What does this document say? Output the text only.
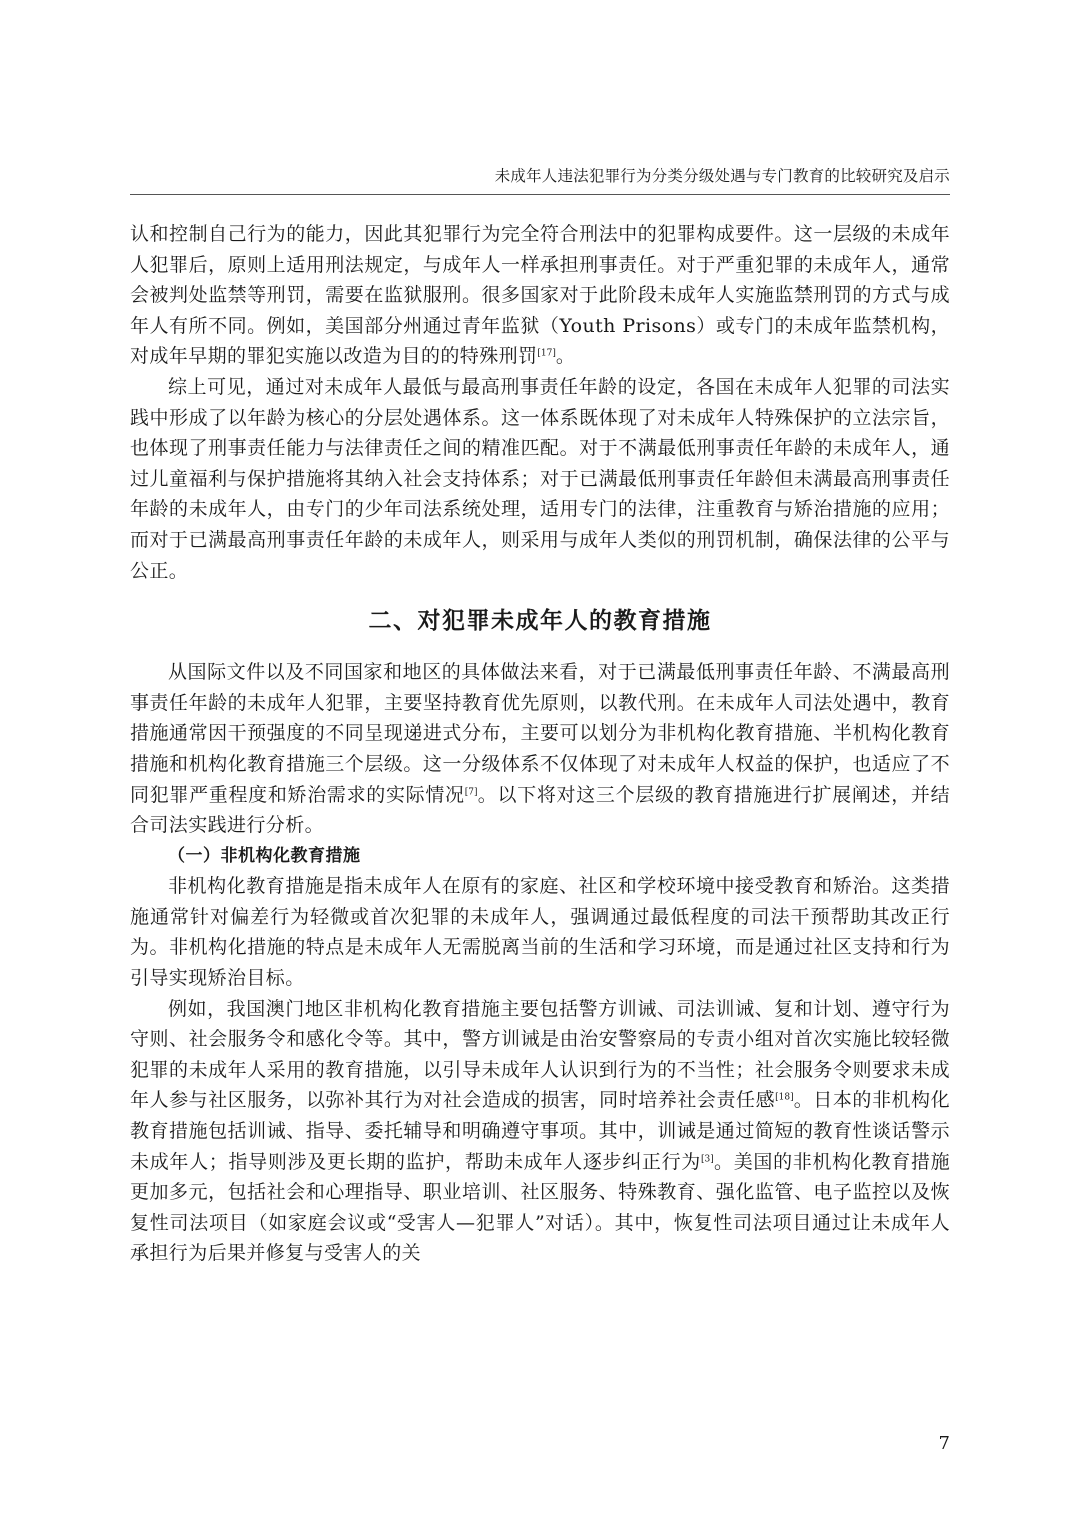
未成年人违法犯罪行为分类分级处遇与专门教育的比较研究及启示

认和控制自己行为的能力，因此其犯罪行为完全符合刑法中的犯罪构成要件。这一层级的未成年人犯罪后，原则上适用刑法规定，与成年人一样承担刑事责任。对于严重犯罪的未成年人，通常会被判处监禁等刑罚，需要在监狱服刑。很多国家对于此阶段未成年人实施监禁刑罚的方式与成年人有所不同。例如，美国部分州通过青年监狱（Youth Prisons）或专门的未成年监禁机构，对成年早期的罪犯实施以改造为目的的特殊刑罚[17]。

综上可见，通过对未成年人最低与最高刑事责任年龄的设定，各国在未成年人犯罪的司法实践中形成了以年龄为核心的分层处遇体系。这一体系既体现了对未成年人特殊保护的立法宗旨，也体现了刑事责任能力与法律责任之间的精准匹配。对于不满最低刑事责任年龄的未成年人，通过儿童福利与保护措施将其纳入社会支持体系；对于已满最低刑事责任年龄但未满最高刑事责任年龄的未成年人，由专门的少年司法系统处理，适用专门的法律，注重教育与矫治措施的应用；而对于已满最高刑事责任年龄的未成年人，则采用与成年人类似的刑罚机制，确保法律的公平与公正。

二、对犯罪未成年人的教育措施

从国际文件以及不同国家和地区的具体做法来看，对于已满最低刑事责任年龄、不满最高刑事责任年龄的未成年人犯罪，主要坚持教育优先原则，以教代刑。在未成年人司法处遇中，教育措施通常因干预强度的不同呈现递进式分布，主要可以划分为非机构化教育措施、半机构化教育措施和机构化教育措施三个层级。这一分级体系不仅体现了对未成年人权益的保护，也适应了不同犯罪严重程度和矫治需求的实际情况[7]。以下将对这三个层级的教育措施进行扩展阐述，并结合司法实践进行分析。

（一）非机构化教育措施

非机构化教育措施是指未成年人在原有的家庭、社区和学校环境中接受教育和矫治。这类措施通常针对偏差行为轻微或首次犯罪的未成年人，强调通过最低程度的司法干预帮助其改正行为。非机构化措施的特点是未成年人无需脱离当前的生活和学习环境，而是通过社区支持和行为引导实现矫治目标。

例如，我国澳门地区非机构化教育措施主要包括警方训诫、司法训诫、复和计划、遵守行为守则、社会服务令和感化令等。其中，警方训诫是由治安警察局的专责小组对首次实施比较轻微犯罪的未成年人采用的教育措施，以引导未成年人认识到行为的不当性；社会服务令则要求未成年人参与社区服务，以弥补其行为对社会造成的损害，同时培养社会责任感[18]。日本的非机构化教育措施包括训诫、指导、委托辅导和明确遵守事项。其中，训诫是通过简短的教育性谈话警示未成年人；指导则涉及更长期的监护，帮助未成年人逐步纠正行为[3]。美国的非机构化教育措施更加多元，包括社会和心理指导、职业培训、社区服务、特殊教育、强化监管、电子监控以及恢复性司法项目（如家庭会议或“受害人—犯罪人”对话）。其中，恢复性司法项目通过让未成年人承担行为后果并修复与受害人的关

7
